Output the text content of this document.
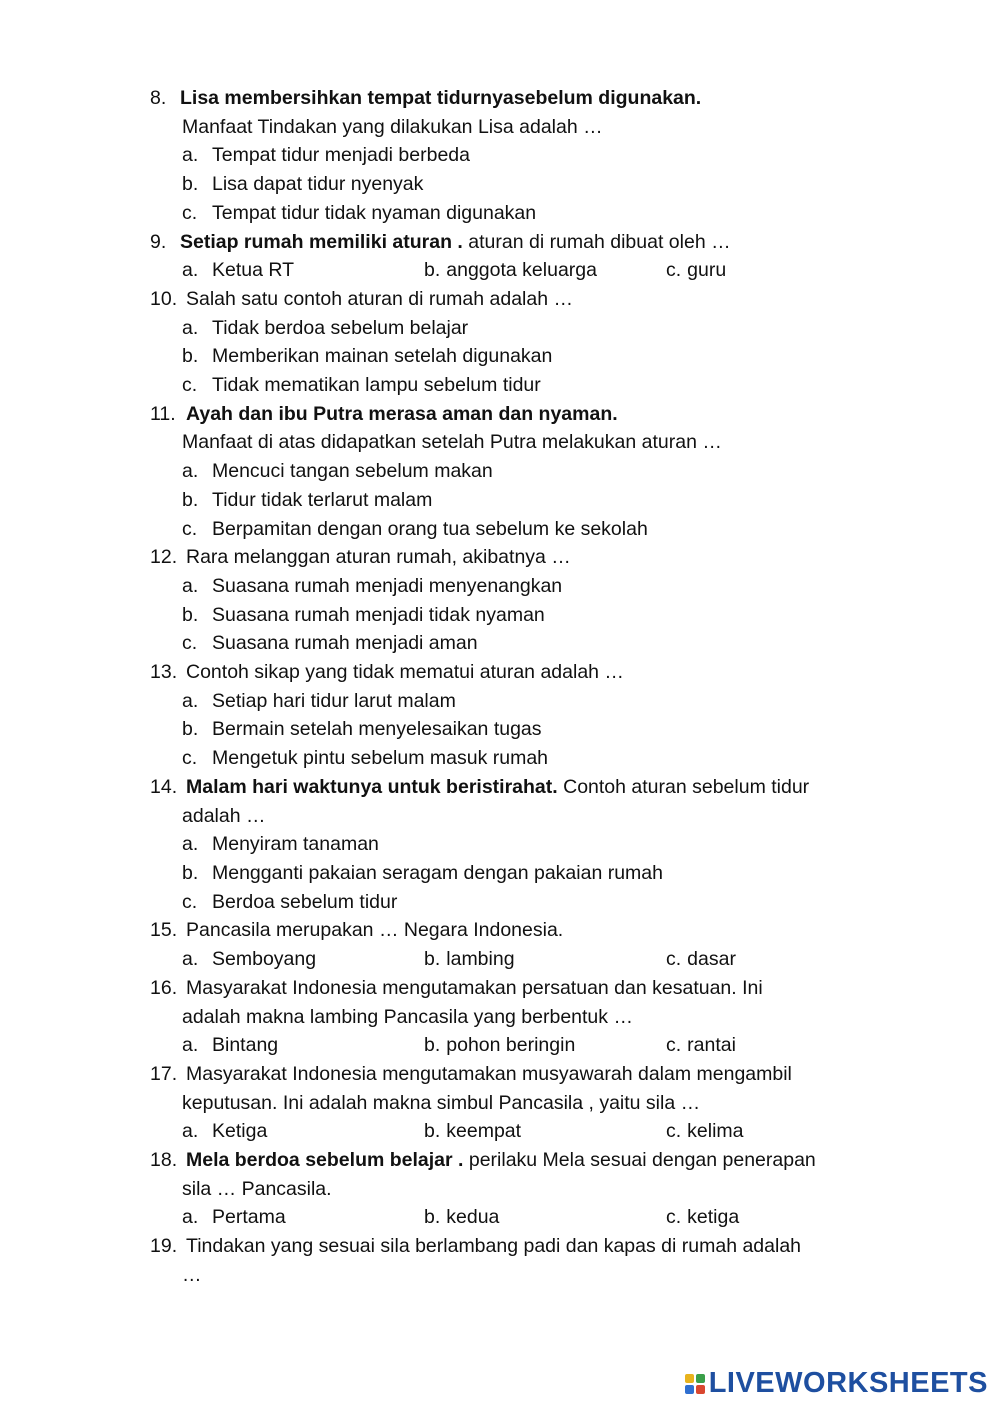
8. Lisa membersihkan tempat tidurnyasebelum digunakan.
Manfaat Tindakan yang dilakukan Lisa adalah …
a. Tempat tidur menjadi berbeda
b. Lisa dapat tidur nyenyak
c. Tempat tidur tidak nyaman digunakan
9. Setiap rumah memiliki aturan . aturan di rumah dibuat oleh …
a. Ketua RT	b. anggota keluarga	c. guru
10. Salah satu contoh aturan di rumah adalah …
a. Tidak berdoa sebelum belajar
b. Memberikan mainan setelah digunakan
c. Tidak mematikan lampu sebelum tidur
11. Ayah dan ibu Putra merasa aman dan nyaman.
Manfaat di atas didapatkan setelah Putra melakukan aturan …
a. Mencuci tangan sebelum makan
b. Tidur tidak terlarut malam
c. Berpamitan dengan orang tua sebelum ke sekolah
12. Rara melanggan aturan rumah, akibatnya …
a. Suasana rumah menjadi menyenangkan
b. Suasana rumah menjadi tidak nyaman
c. Suasana rumah menjadi aman
13. Contoh sikap yang tidak mematui aturan adalah …
a. Setiap hari tidur larut malam
b. Bermain setelah menyelesaikan tugas
c. Mengetuk pintu sebelum masuk rumah
14. Malam hari waktunya untuk beristirahat. Contoh aturan sebelum tidur
adalah …
a. Menyiram tanaman
b. Mengganti pakaian seragam dengan pakaian rumah
c. Berdoa sebelum tidur
15. Pancasila merupakan … Negara Indonesia.
a. Semboyang	b. lambing	c. dasar
16. Masyarakat Indonesia mengutamakan persatuan dan kesatuan. Ini
adalah makna lambing Pancasila yang berbentuk …
a. Bintang	b. pohon beringin	c. rantai
17. Masyarakat Indonesia mengutamakan musyawarah dalam mengambil
keputusan. Ini adalah makna simbul Pancasila , yaitu sila …
a. Ketiga	b. keempat	c. kelima
18. Mela berdoa sebelum belajar . perilaku Mela sesuai dengan penerapan
sila … Pancasila.
a. Pertama	b. kedua	c. ketiga
19. Tindakan yang sesuai sila berlambang padi dan kapas di rumah adalah
…
LIVEWORKSHEETS
